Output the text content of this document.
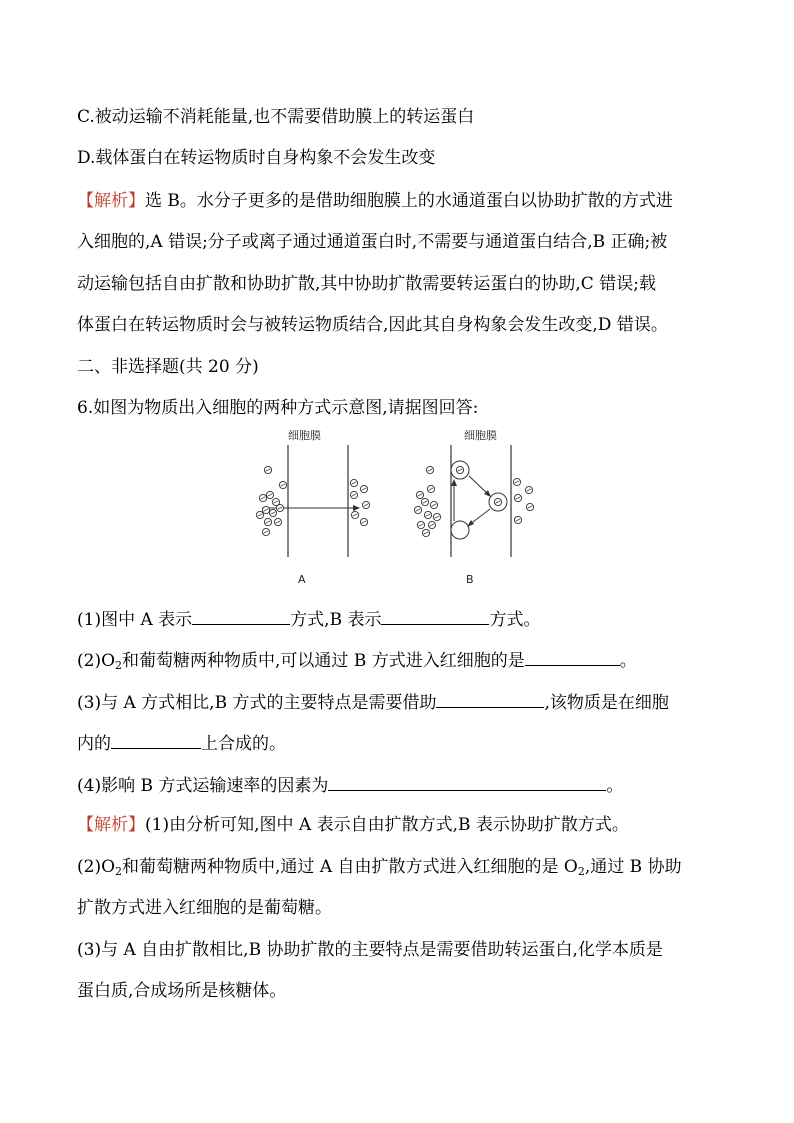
C.被动运输不消耗能量,也不需要借助膜上的转运蛋白
D.载体蛋白在转运物质时自身构象不会发生改变
【解析】选 B。水分子更多的是借助细胞膜上的水通道蛋白以协助扩散的方式进
入细胞的,A 错误;分子或离子通过通道蛋白时,不需要与通道蛋白结合,B 正确;被
动运输包括自由扩散和协助扩散,其中协助扩散需要转运蛋白的协助,C 错误;载
体蛋白在转运物质时会与被转运物质结合,因此其自身构象会发生改变,D 错误。
二、非选择题(共 20 分)
6.如图为物质出入细胞的两种方式示意图,请据图回答:
细胞膜
A
细胞膜
B
(1)图中 A 表示	方式,B 表示	方式。
$(2)O_2$和葡萄糖两种物质中,可以通过 B 方式进入红细胞的是	。
(3)与 A 方式相比,B 方式的主要特点是需要借助	,该物质是在细胞
内的	上合成的。
(4)影响 B 方式运输速率的因素为	。
【解析】(1)由分析可知,图中 A 表示自由扩散方式,B 表示协助扩散方式。
$(2)O_2$和葡萄糖两种物质中,通过 A 自由扩散方式进入红细胞的是 $O_2$,通过 B 协助
扩散方式进入红细胞的是葡萄糖。
(3)与 A 自由扩散相比,B 协助扩散的主要特点是需要借助转运蛋白,化学本质是
蛋白质,合成场所是核糖体。
